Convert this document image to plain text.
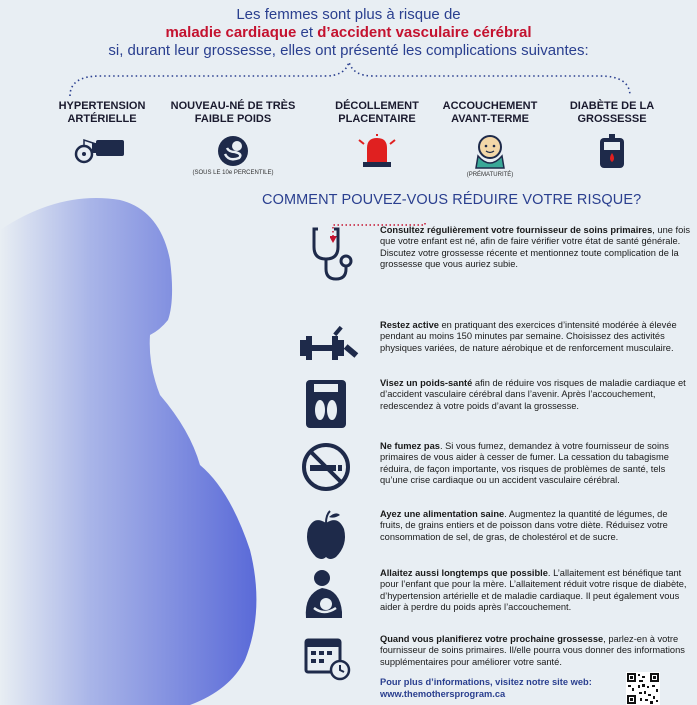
Les femmes sont plus à risque de
maladie cardiaque et d’accident vasculaire cérébral
si, durant leur grossesse, elles ont présenté les complications suivantes:
HYPERTENSION
ARTÉRIELLE
NOUVEAU-NÉ DE TRÈS
FAIBLE POIDS
(SOUS LE 10e PERCENTILE)
DÉCOLLEMENT
PLACENTAIRE
ACCOUCHEMENT
AVANT-TERME
(PRÉMATURITÉ)
DIABÈTE DE LA
GROSSESSE
COMMENT POUVEZ-VOUS RÉDUIRE VOTRE RISQUE?
Consultez régulièrement votre fournisseur de soins primaires, une fois que votre enfant est né, afin de faire vérifier votre état de santé générale. Discutez votre grossesse récente et mentionnez toute complication de la grossesse que vous auriez subie.
Restez active en pratiquant des exercices d’intensité modérée à élevée pendant au moins 150 minutes par semaine. Choisissez des activités physiques variées, de nature aérobique et de renforcement musculaire.
Visez un poids-santé afin de réduire vos risques de maladie cardiaque et d’accident vasculaire cérébral dans l’avenir. Après l’accouchement, redescendez à votre poids d’avant la grossesse.
Ne fumez pas. Si vous fumez, demandez à votre fournisseur de soins primaires de vous aider à cesser de fumer. La cessation du tabagisme réduira, de façon importante, vos risques de problèmes de santé, tels qu’une crise cardiaque ou un accident vasculaire cérébral.
Ayez une alimentation saine. Augmentez la quantité de légumes, de fruits, de grains entiers et de poisson dans votre diète. Réduisez votre consommation de sel, de gras, de cholestérol et de sucre.
Allaitez aussi longtemps que possible. L’allaitement est bénéfique tant pour l’enfant que pour la mère. L’allaitement réduit votre risque de diabète, d’hypertension artérielle et de maladie cardiaque. Il peut également vous aider à perdre du poids après l’accouchement.
Quand vous planifierez votre prochaine grossesse, parlez-en à votre fournisseur de soins primaires. Il/elle pourra vous donner des informations supplémentaires pour améliorer votre santé.
Pour plus d’informations, visitez notre site web:
www.themothersprogram.ca
